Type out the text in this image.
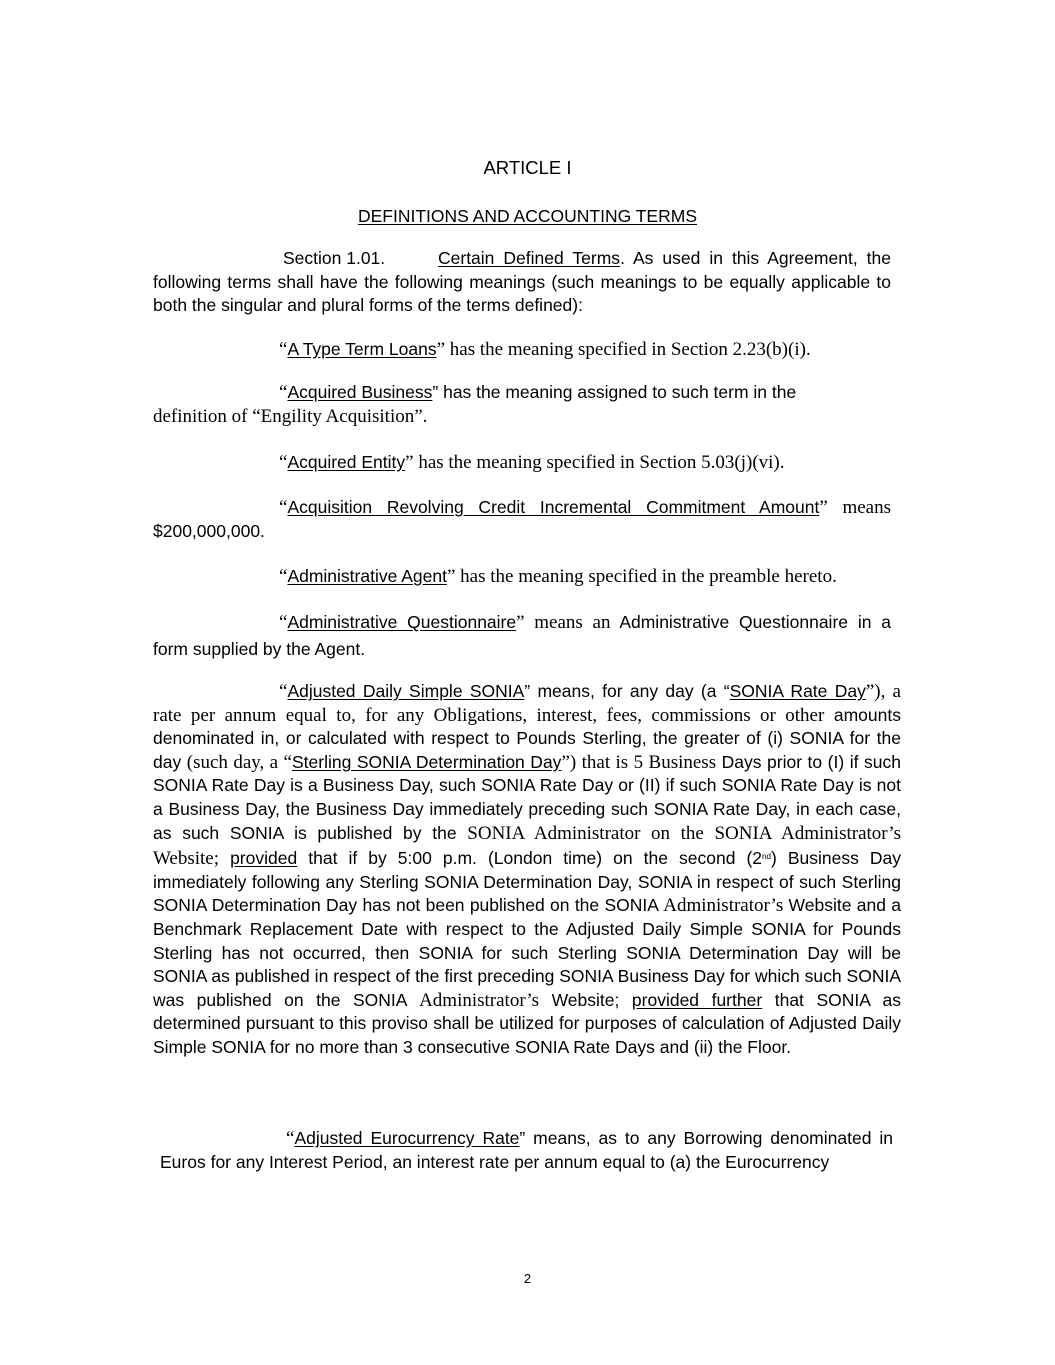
ARTICLE I
DEFINITIONS AND ACCOUNTING TERMS
Section 1.01.	Certain Defined Terms. As used in this Agreement, the following terms shall have the following meanings (such meanings to be equally applicable to both the singular and plural forms of the terms defined):
“A Type Term Loans” has the meaning specified in Section 2.23(b)(i).
“Acquired Business” has the meaning assigned to such term in the
definition of “Engility Acquisition”.
“Acquired Entity” has the meaning specified in Section 5.03(j)(vi).
“Acquisition Revolving Credit Incremental Commitment Amount” means
$200,000,000.
“Administrative Agent” has the meaning specified in the preamble hereto.
“Administrative Questionnaire” means an Administrative Questionnaire in a form supplied by the Agent.
“Adjusted Daily Simple SONIA” means, for any day (a “SONIA Rate Day”), a rate per annum equal to, for any Obligations, interest, fees, commissions or other amounts denominated in, or calculated with respect to Pounds Sterling, the greater of (i) SONIA for the day (such day, a “Sterling SONIA Determination Day”) that is 5 Business Days prior to (I) if such SONIA Rate Day is a Business Day, such SONIA Rate Day or (II) if such SONIA Rate Day is not a Business Day, the Business Day immediately preceding such SONIA Rate Day, in each case, as such SONIA is published by the SONIA Administrator on the SONIA Administrator’s Website; provided that if by 5:00 p.m. (London time) on the second (2nd) Business Day immediately following any Sterling SONIA Determination Day, SONIA in respect of such Sterling SONIA Determination Day has not been published on the SONIA Administrator’s Website and a Benchmark Replacement Date with respect to the Adjusted Daily Simple SONIA for Pounds Sterling has not occurred, then SONIA for such Sterling SONIA Determination Day will be SONIA as published in respect of the first preceding SONIA Business Day for which such SONIA was published on the SONIA Administrator’s Website; provided further that SONIA as determined pursuant to this proviso shall be utilized for purposes of calculation of Adjusted Daily Simple SONIA for no more than 3 consecutive SONIA Rate Days and (ii) the Floor.
“Adjusted Eurocurrency Rate” means, as to any Borrowing denominated in Euros for any Interest Period, an interest rate per annum equal to (a) the Eurocurrency
2
